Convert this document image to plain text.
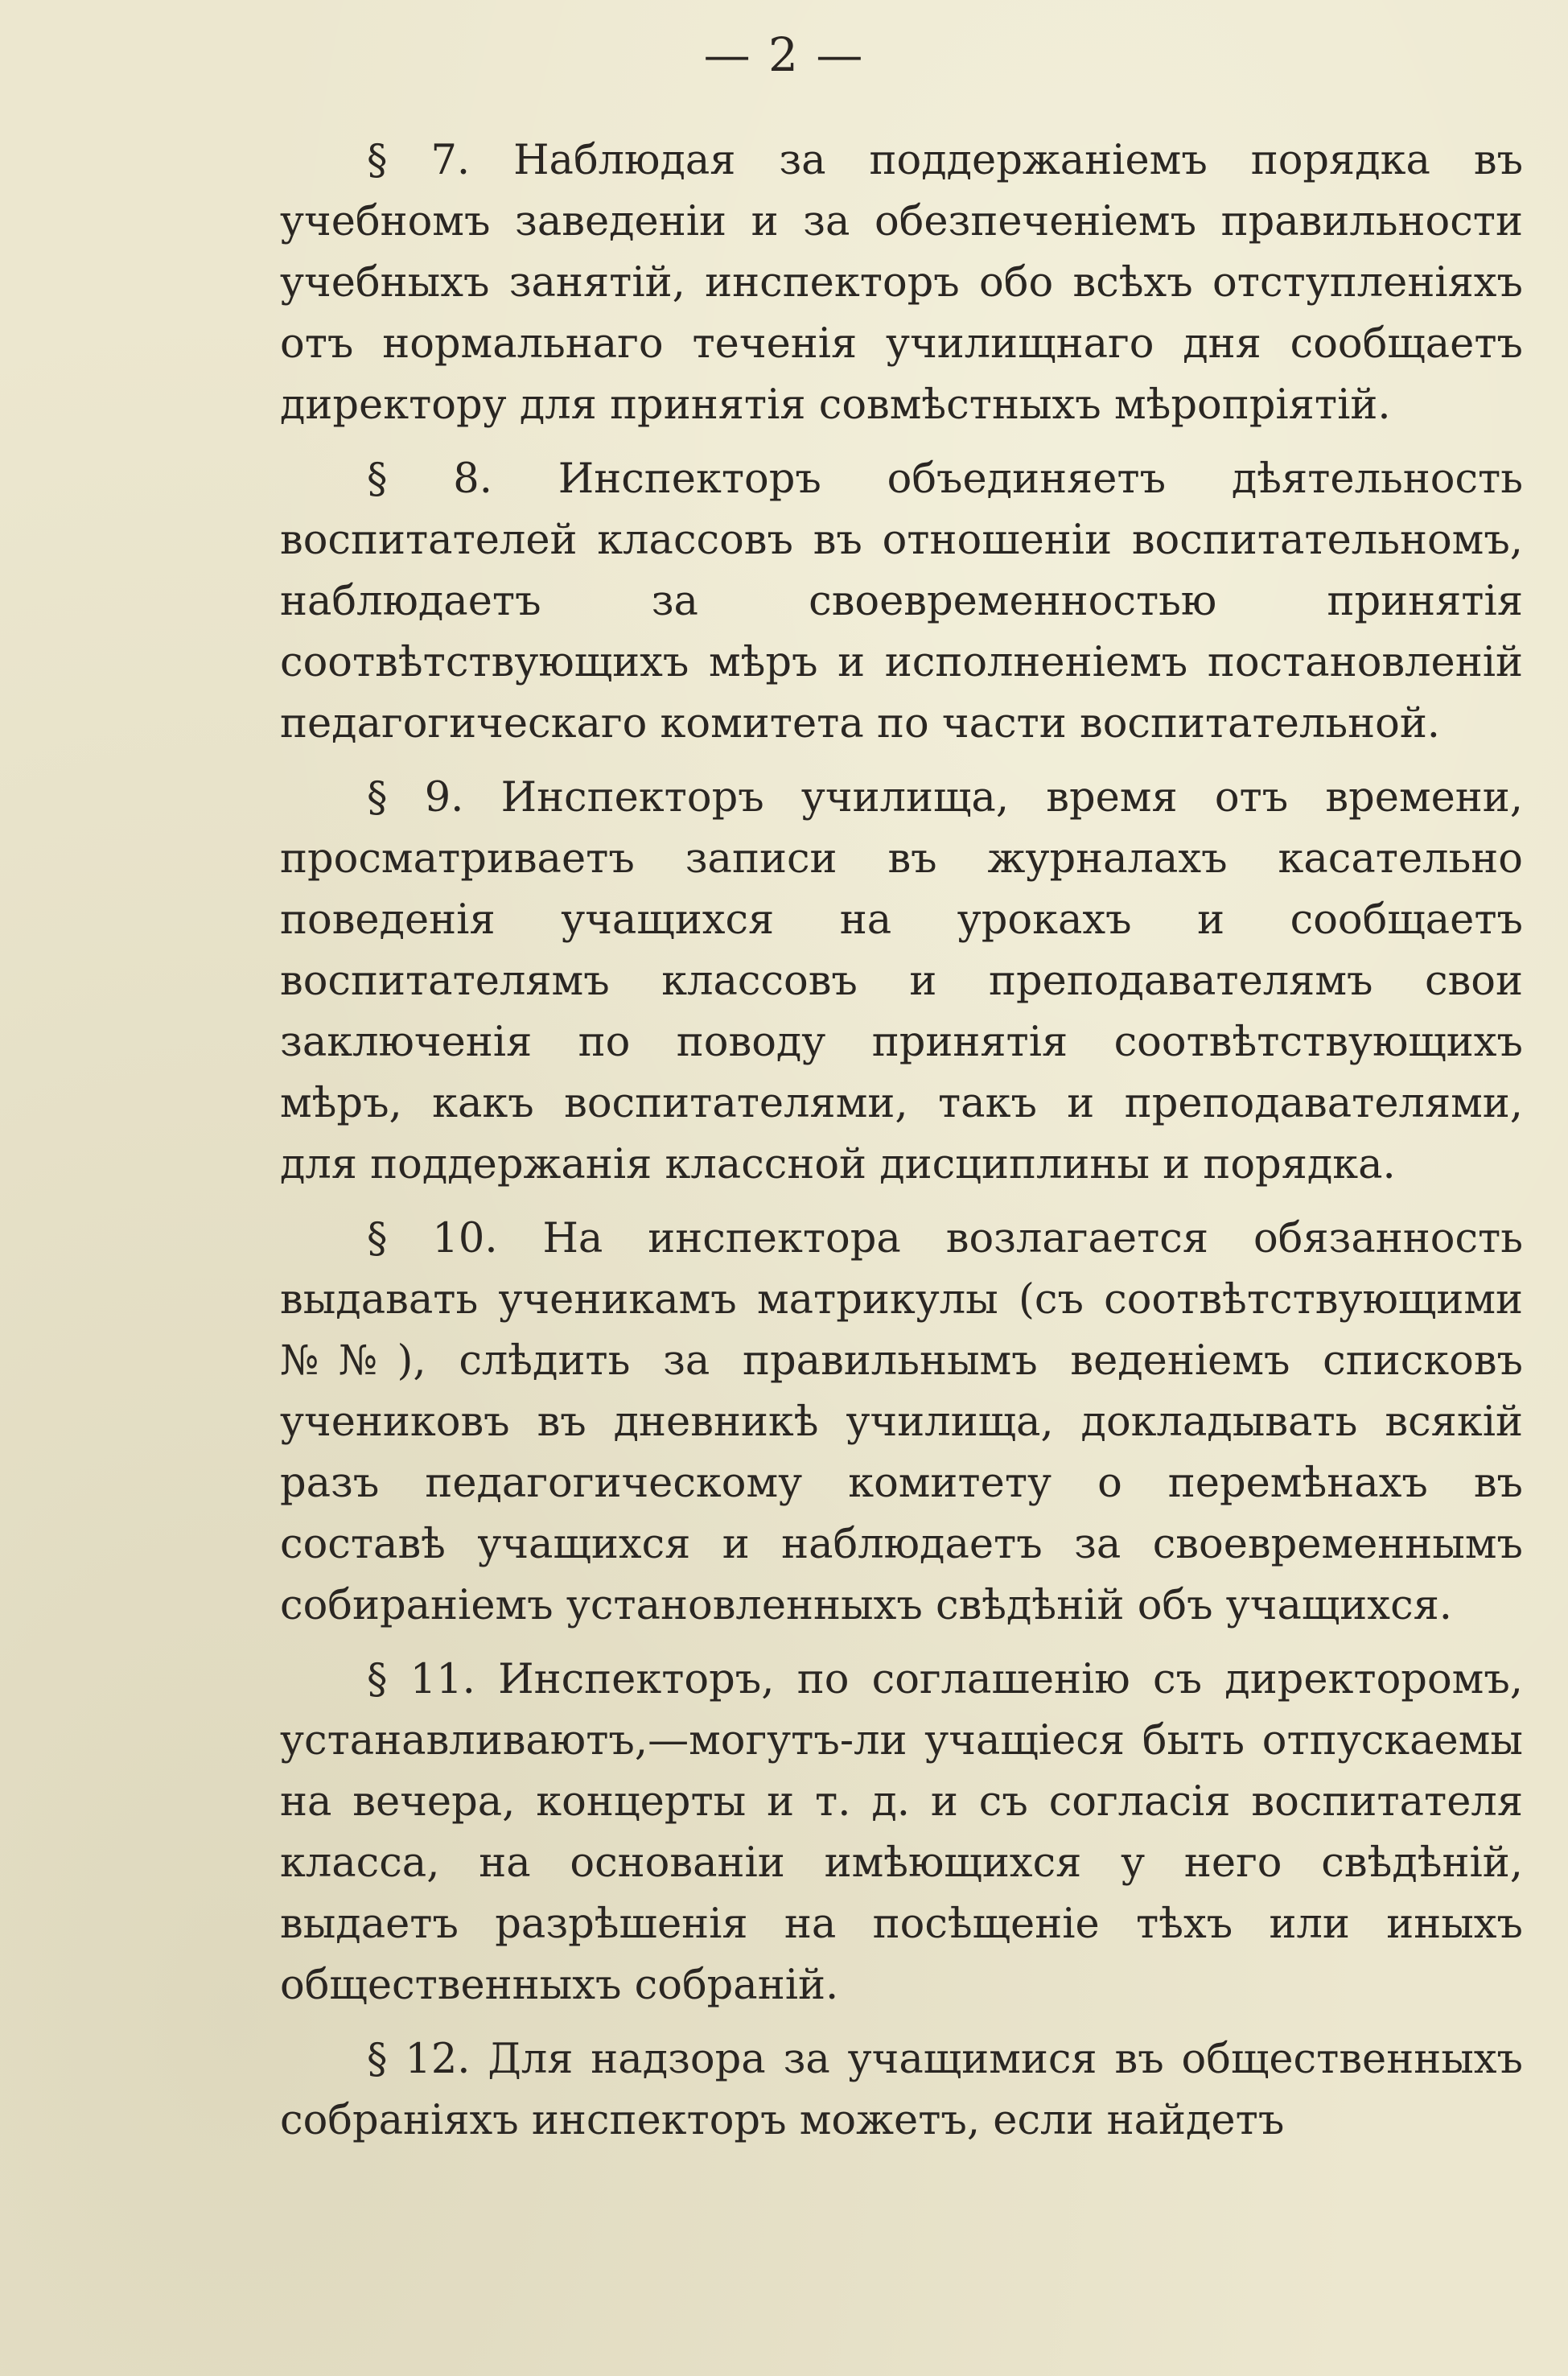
— 2 —

§ 7. Наблюдая за поддержанiемъ порядка въ учебномъ заведенiи и за обезпеченiемъ правильности учебныхъ занятiй, инспекторъ обо всѣхъ отступленiяхъ отъ нормальнаго теченiя училищнаго дня сообщаетъ директору для принятiя совмѣстныхъ мѣропрiятiй.

§ 8. Инспекторъ объединяетъ дѣятельность воспитателей классовъ въ отношенiи воспитательномъ, наблюдаетъ за своевременностью принятiя соотвѣтствующихъ мѣръ и исполненiемъ постановленiй педагогическаго комитета по части воспитательной.

§ 9. Инспекторъ училища, время отъ времени, просматриваетъ записи въ журналахъ касательно поведенiя учащихся на урокахъ и сообщаетъ воспитателямъ классовъ и преподавателямъ свои заключенiя по поводу принятiя соотвѣтствующихъ мѣръ, какъ воспитателями, такъ и преподавателями, для поддержанiя классной дисциплины и порядка.

§ 10. На инспектора возлагается обязанность выдавать ученикамъ матрикулы (съ соотвѣтствующими №№), слѣдить за правильнымъ веденiемъ списковъ учениковъ въ дневникѣ училища, докладывать всякiй разъ педагогическому комитету о перемѣнахъ въ составѣ учащихся и наблюдаетъ за своевременнымъ собиранiемъ установленныхъ свѣдѣнiй объ учащихся.

§ 11. Инспекторъ, по соглашенiю съ директоромъ, устанавливаютъ,—могутъ-ли учащiеся быть отпускаемы на вечера, концерты и т. д. и съ согласiя воспитателя класса, на основанiи имѣющихся у него свѣдѣнiй, выдаетъ разрѣшенiя на посѣщенiе тѣхъ или иныхъ общественныхъ собранiй.

§ 12. Для надзора за учащимися въ общественныхъ собранiяхъ инспекторъ можетъ, если найдетъ
